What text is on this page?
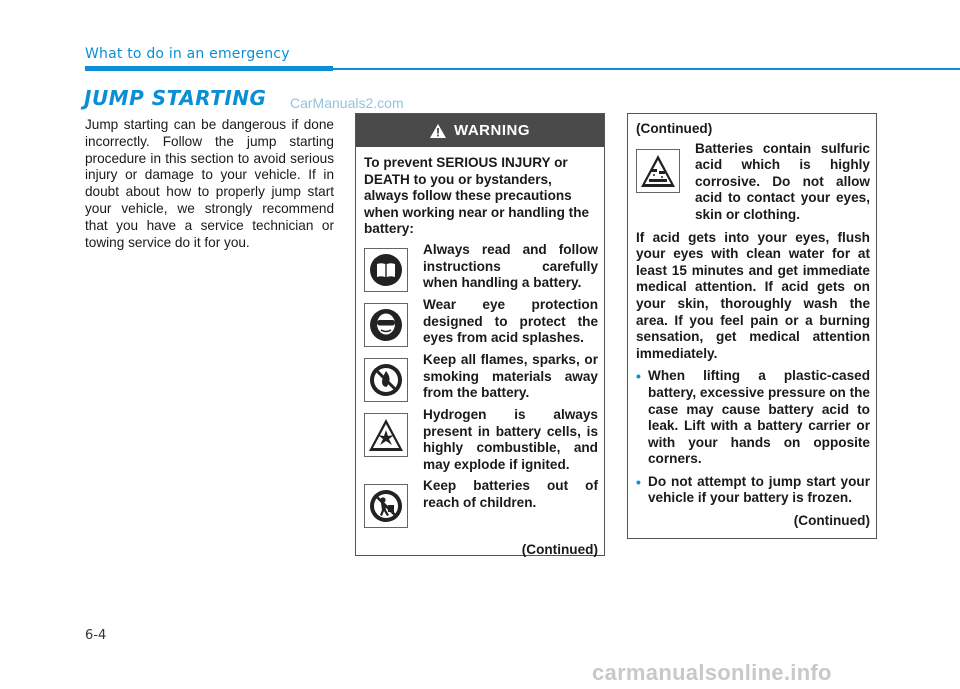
What to do in an emergency
JUMP STARTING CarManuals2.com
Jump starting can be dangerous if done incorrectly. Follow the jump starting procedure in this section to avoid serious injury or damage to your vehicle. If in doubt about how to properly jump start your vehicle, we strongly recommend that you have a service technician or towing service do it for you.
WARNING
To prevent SERIOUS INJURY or DEATH to you or bystanders, always follow these precautions when working near or handling the battery:
Always read and follow instructions carefully when handling a battery.
Wear eye protection designed to protect the eyes from acid splashes.
Keep all flames, sparks, or smoking materials away from the battery.
Hydrogen is always present in battery cells, is highly combustible, and may explode if ignited.
Keep batteries out of reach of children.
(Continued)
(Continued)
Batteries contain sulfuric acid which is highly corrosive. Do not allow acid to contact your eyes, skin or clothing.

If acid gets into your eyes, flush your eyes with clean water for at least 15 minutes and get immediate medical attention. If acid gets on your skin, thoroughly wash the area. If you feel pain or a burning sensation, get medical attention immediately.

• When lifting a plastic-cased battery, excessive pressure on the case may cause battery acid to leak. Lift with a battery carrier or with your hands on opposite corners.
• Do not attempt to jump start your vehicle if your battery is frozen.
(Continued)
6-4
carmanualsonline.info
